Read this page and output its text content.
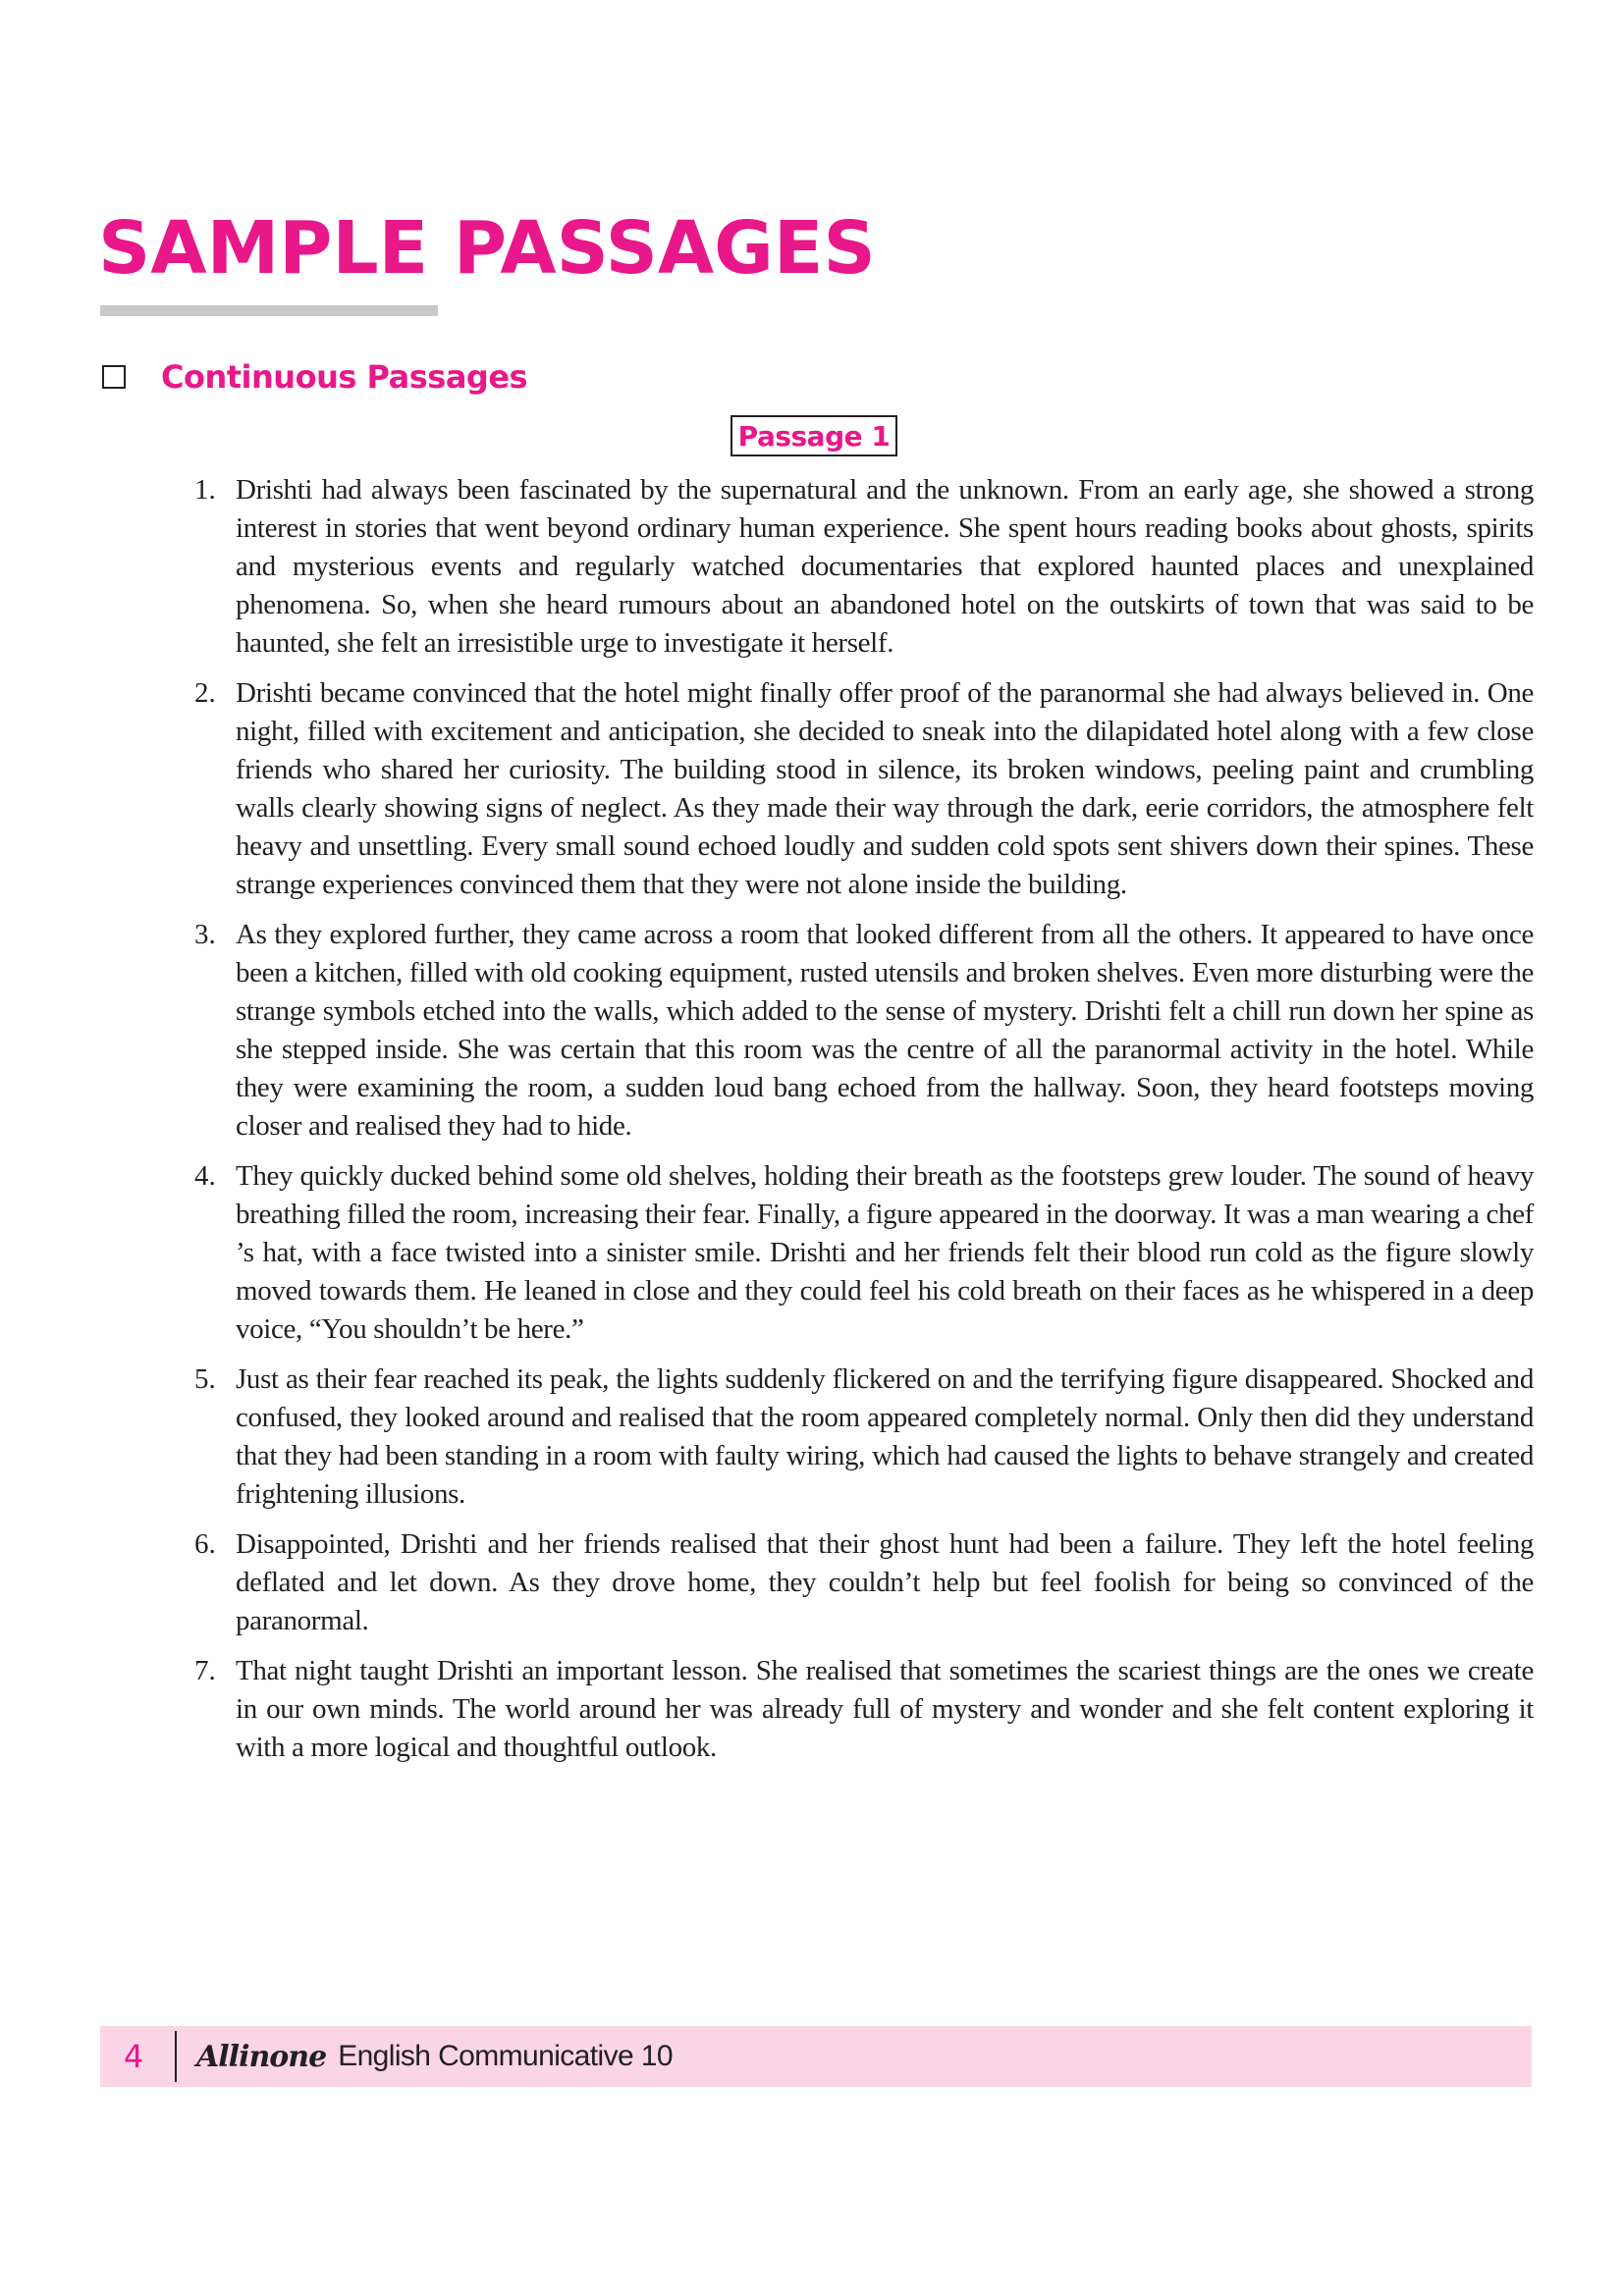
SAMPLE PASSAGES
Continuous Passages
Passage 1
1. Drishti had always been fascinated by the supernatural and the unknown. From an early age, she showed a strong interest in stories that went beyond ordinary human experience. She spent hours reading books about ghosts, spirits and mysterious events and regularly watched documentaries that explored haunted places and unexplained phenomena. So, when she heard rumours about an abandoned hotel on the outskirts of town that was said to be haunted, she felt an irresistible urge to investigate it herself.
2. Drishti became convinced that the hotel might finally offer proof of the paranormal she had always believed in. One night, filled with excitement and anticipation, she decided to sneak into the dilapidated hotel along with a few close friends who shared her curiosity. The building stood in silence, its broken windows, peeling paint and crumbling walls clearly showing signs of neglect. As they made their way through the dark, eerie corridors, the atmosphere felt heavy and unsettling. Every small sound echoed loudly and sudden cold spots sent shivers down their spines. These strange experiences convinced them that they were not alone inside the building.
3. As they explored further, they came across a room that looked different from all the others. It appeared to have once been a kitchen, filled with old cooking equipment, rusted utensils and broken shelves. Even more disturbing were the strange symbols etched into the walls, which added to the sense of mystery. Drishti felt a chill run down her spine as she stepped inside. She was certain that this room was the centre of all the paranormal activity in the hotel. While they were examining the room, a sudden loud bang echoed from the hallway. Soon, they heard footsteps moving closer and realised they had to hide.
4. They quickly ducked behind some old shelves, holding their breath as the footsteps grew louder. The sound of heavy breathing filled the room, increasing their fear. Finally, a figure appeared in the doorway. It was a man wearing a chef ’s hat, with a face twisted into a sinister smile. Drishti and her friends felt their blood run cold as the figure slowly moved towards them. He leaned in close and they could feel his cold breath on their faces as he whispered in a deep voice, “You shouldn’t be here.”
5. Just as their fear reached its peak, the lights suddenly flickered on and the terrifying figure disappeared. Shocked and confused, they looked around and realised that the room appeared completely normal. Only then did they understand that they had been standing in a room with faulty wiring, which had caused the lights to behave strangely and created frightening illusions.
6. Disappointed, Drishti and her friends realised that their ghost hunt had been a failure. They left the hotel feeling deflated and let down. As they drove home, they couldn’t help but feel foolish for being so convinced of the paranormal.
7. That night taught Drishti an important lesson. She realised that sometimes the scariest things are the ones we create in our own minds. The world around her was already full of mystery and wonder and she felt content exploring it with a more logical and thoughtful outlook.
4	Allinone English Communicative 10
